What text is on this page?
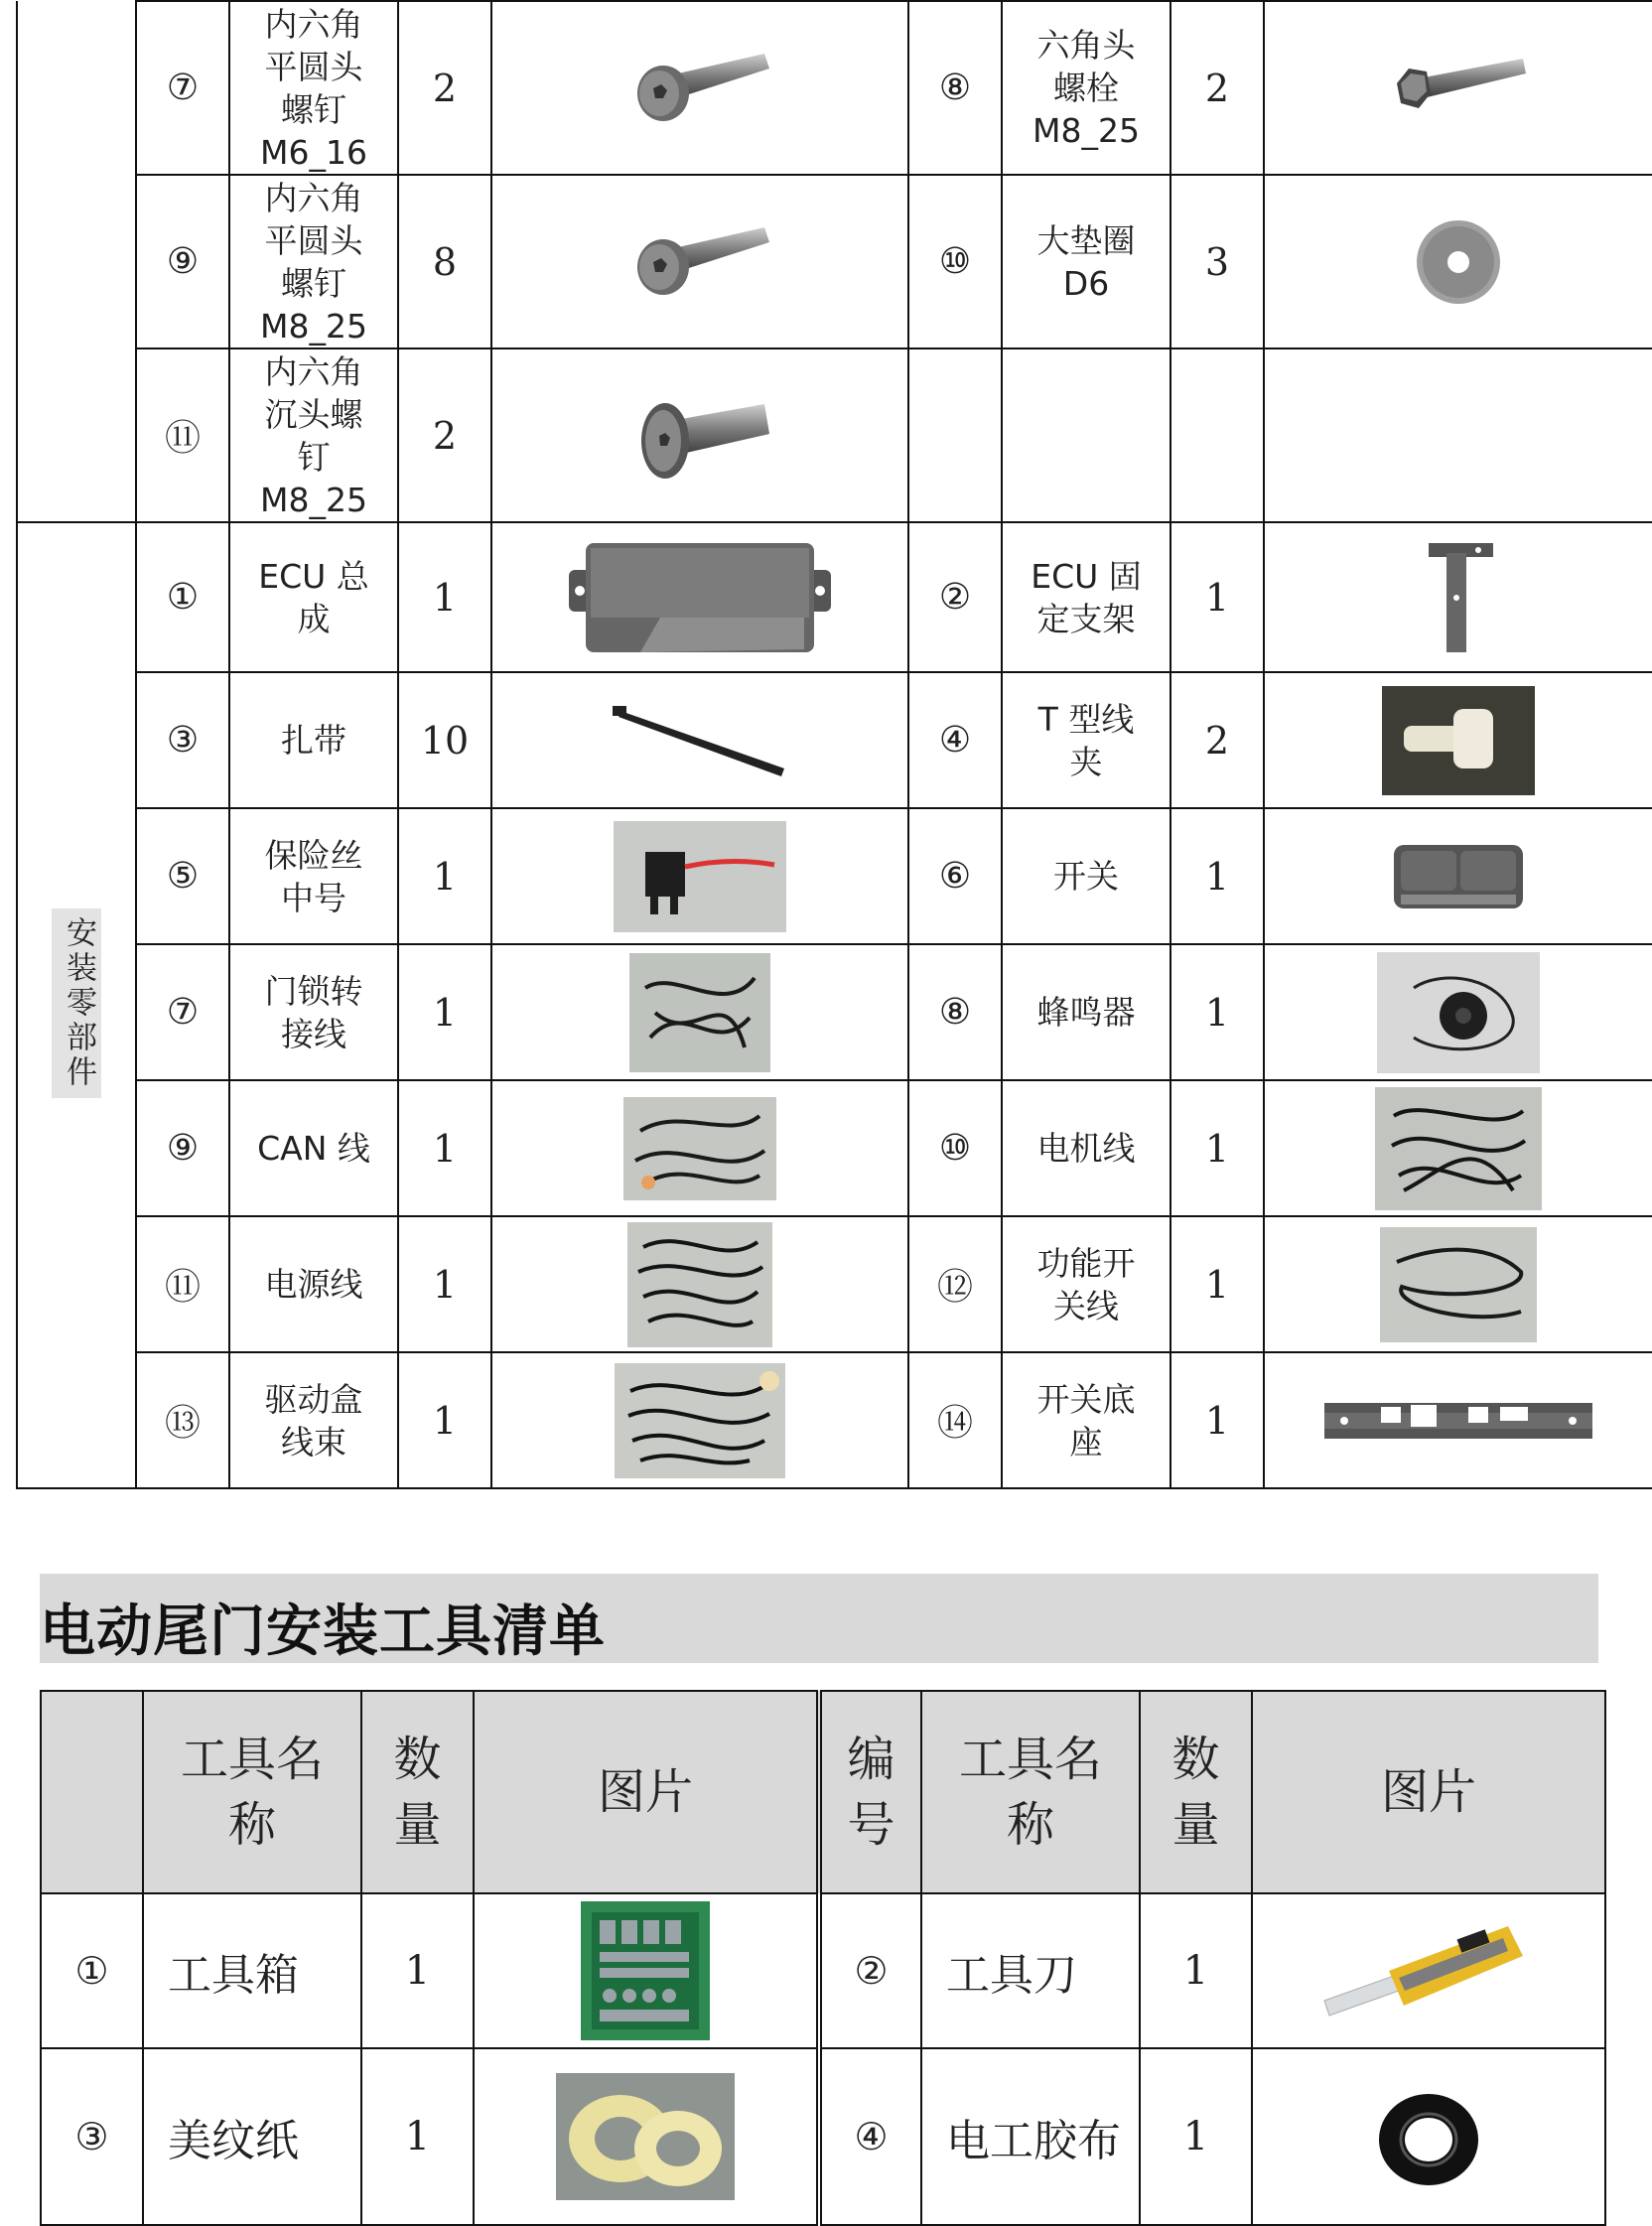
	⑦	内六角
平圆头
螺钉
M6_16	2		⑧	六角头
螺栓
M8_25	2	

	⑨	内六角
平圆头
螺钉
M8_25	8		⑩	大垫圈
D6	3	

	⑪	内六角
沉头螺
钉
M8_25	2	

安装零部件	①	ECU 总
成	1		②	ECU 固
定支架	1	

	③	扎带	10		④	T 型线
夹	2	

	⑤	保险丝
中号	1		⑥	开关	1	

	⑦	门锁转
接线	1		⑧	蜂鸣器	1	

	⑨	CAN 线	1		⑩	电机线	1	

	⑪	电源线	1		⑫	功能开
关线	1	

	⑬	驱动盒
线束	1		⑭	开关底
座	1	
电动尾门安装工具清单
	工具名
称	数
量	图片	编
号	工具名
称	数
量	图片
①	工具箱	1		②	工具刀	1	

③	美纹纸	1		④	电工胶布	1	
